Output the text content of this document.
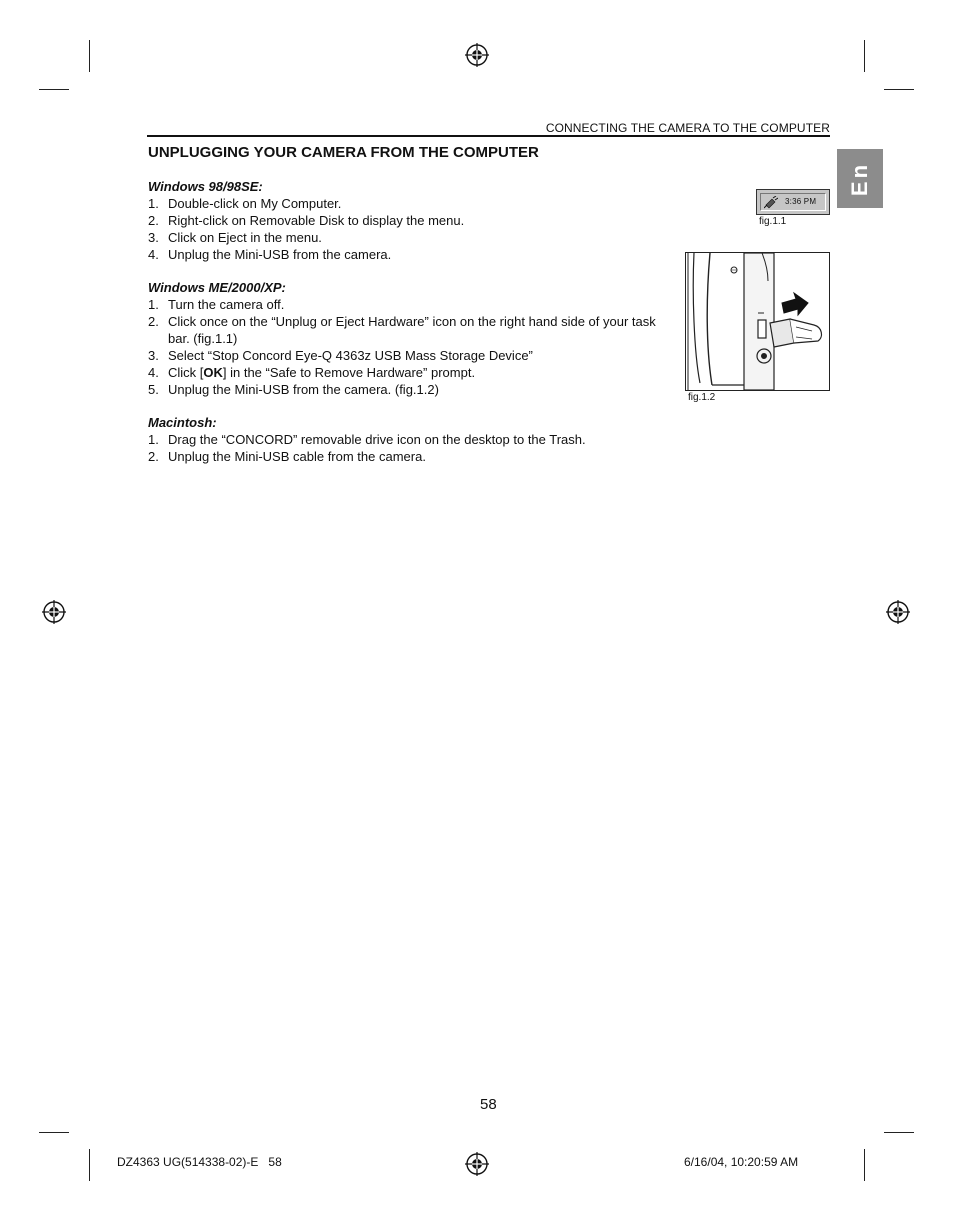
CONNECTING THE CAMERA TO THE COMPUTER
En
UNPLUGGING YOUR CAMERA FROM THE COMPUTER
Windows 98/98SE:
1. Double-click on My Computer.
2. Right-click on Removable Disk to display the menu.
3. Click on Eject in the menu.
4. Unplug the Mini-USB from the camera.
Windows ME/2000/XP:
1. Turn the camera off.
2. Click once on the “Unplug or Eject Hardware” icon on the right hand side of your task bar. (fig.1.1)
3. Select “Stop Concord Eye-Q 4363z USB Mass Storage Device”
4. Click [OK] in the “Safe to Remove Hardware” prompt.
5. Unplug the Mini-USB from the camera. (fig.1.2)
Macintosh:
1. Drag the “CONCORD” removable drive icon on the desktop to the Trash.
2. Unplug the Mini-USB cable from the camera.
3:36 PM
fig.1.1
fig.1.2
58
DZ4363 UG(514338-02)-E   58	6/16/04, 10:20:59 AM
